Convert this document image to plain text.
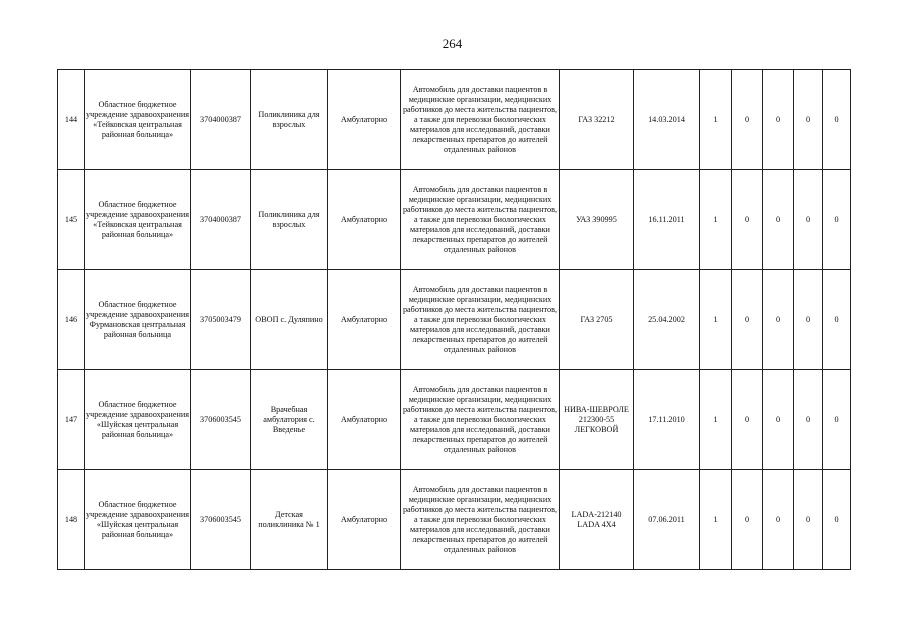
264
144	Областное бюджетное учреждение здравоохранения «Тейковская центральная районная больница»	3704000387	Поликлиника для взрослых	Амбулаторно	Автомобиль для доставки пациентов в медицинские организации, медицинских работников до места жительства пациентов, а также для перевозки биологических материалов для исследований, доставки лекарственных препаратов до жителей отдаленных районов	ГАЗ 32212	14.03.2014	1	0	0	0	0
145	Областное бюджетное учреждение здравоохранения «Тейковская центральная районная больница»	3704000387	Поликлиника для взрослых	Амбулаторно	Автомобиль для доставки пациентов в медицинские организации, медицинских работников до места жительства пациентов, а также для перевозки биологических материалов для исследований, доставки лекарственных препаратов до жителей отдаленных районов	УАЗ 390995	16.11.2011	1	0	0	0	0
146	Областное бюджетное учреждение здравоохранения Фурмановская центральная районная больница	3705003479	ОВОП с. Дуляпино	Амбулаторно	Автомобиль для доставки пациентов в медицинские организации, медицинских работников до места жительства пациентов, а также для перевозки биологических материалов для исследований, доставки лекарственных препаратов до жителей отдаленных районов	ГАЗ 2705	25.04.2002	1	0	0	0	0
147	Областное бюджетное учреждение здравоохранения «Шуйская центральная районная больница»	3706003545	Врачебная амбулатория с. Введенье	Амбулаторно	Автомобиль для доставки пациентов в медицинские организации, медицинских работников до места жительства пациентов, а также для перевозки биологических материалов для исследований, доставки лекарственных препаратов до жителей отдаленных районов	НИВА-ШЕВРОЛЕ 212300-55 ЛЕГКОВОЙ	17.11.2010	1	0	0	0	0
148	Областное бюджетное учреждение здравоохранения «Шуйская центральная районная больница»	3706003545	Детская поликлиника № 1	Амбулаторно	Автомобиль для доставки пациентов в медицинские организации, медицинских работников до места жительства пациентов, а также для перевозки биологических материалов для исследований, доставки лекарственных препаратов до жителей отдаленных районов	LADA-212140 LADA 4X4	07.06.2011	1	0	0	0	0
